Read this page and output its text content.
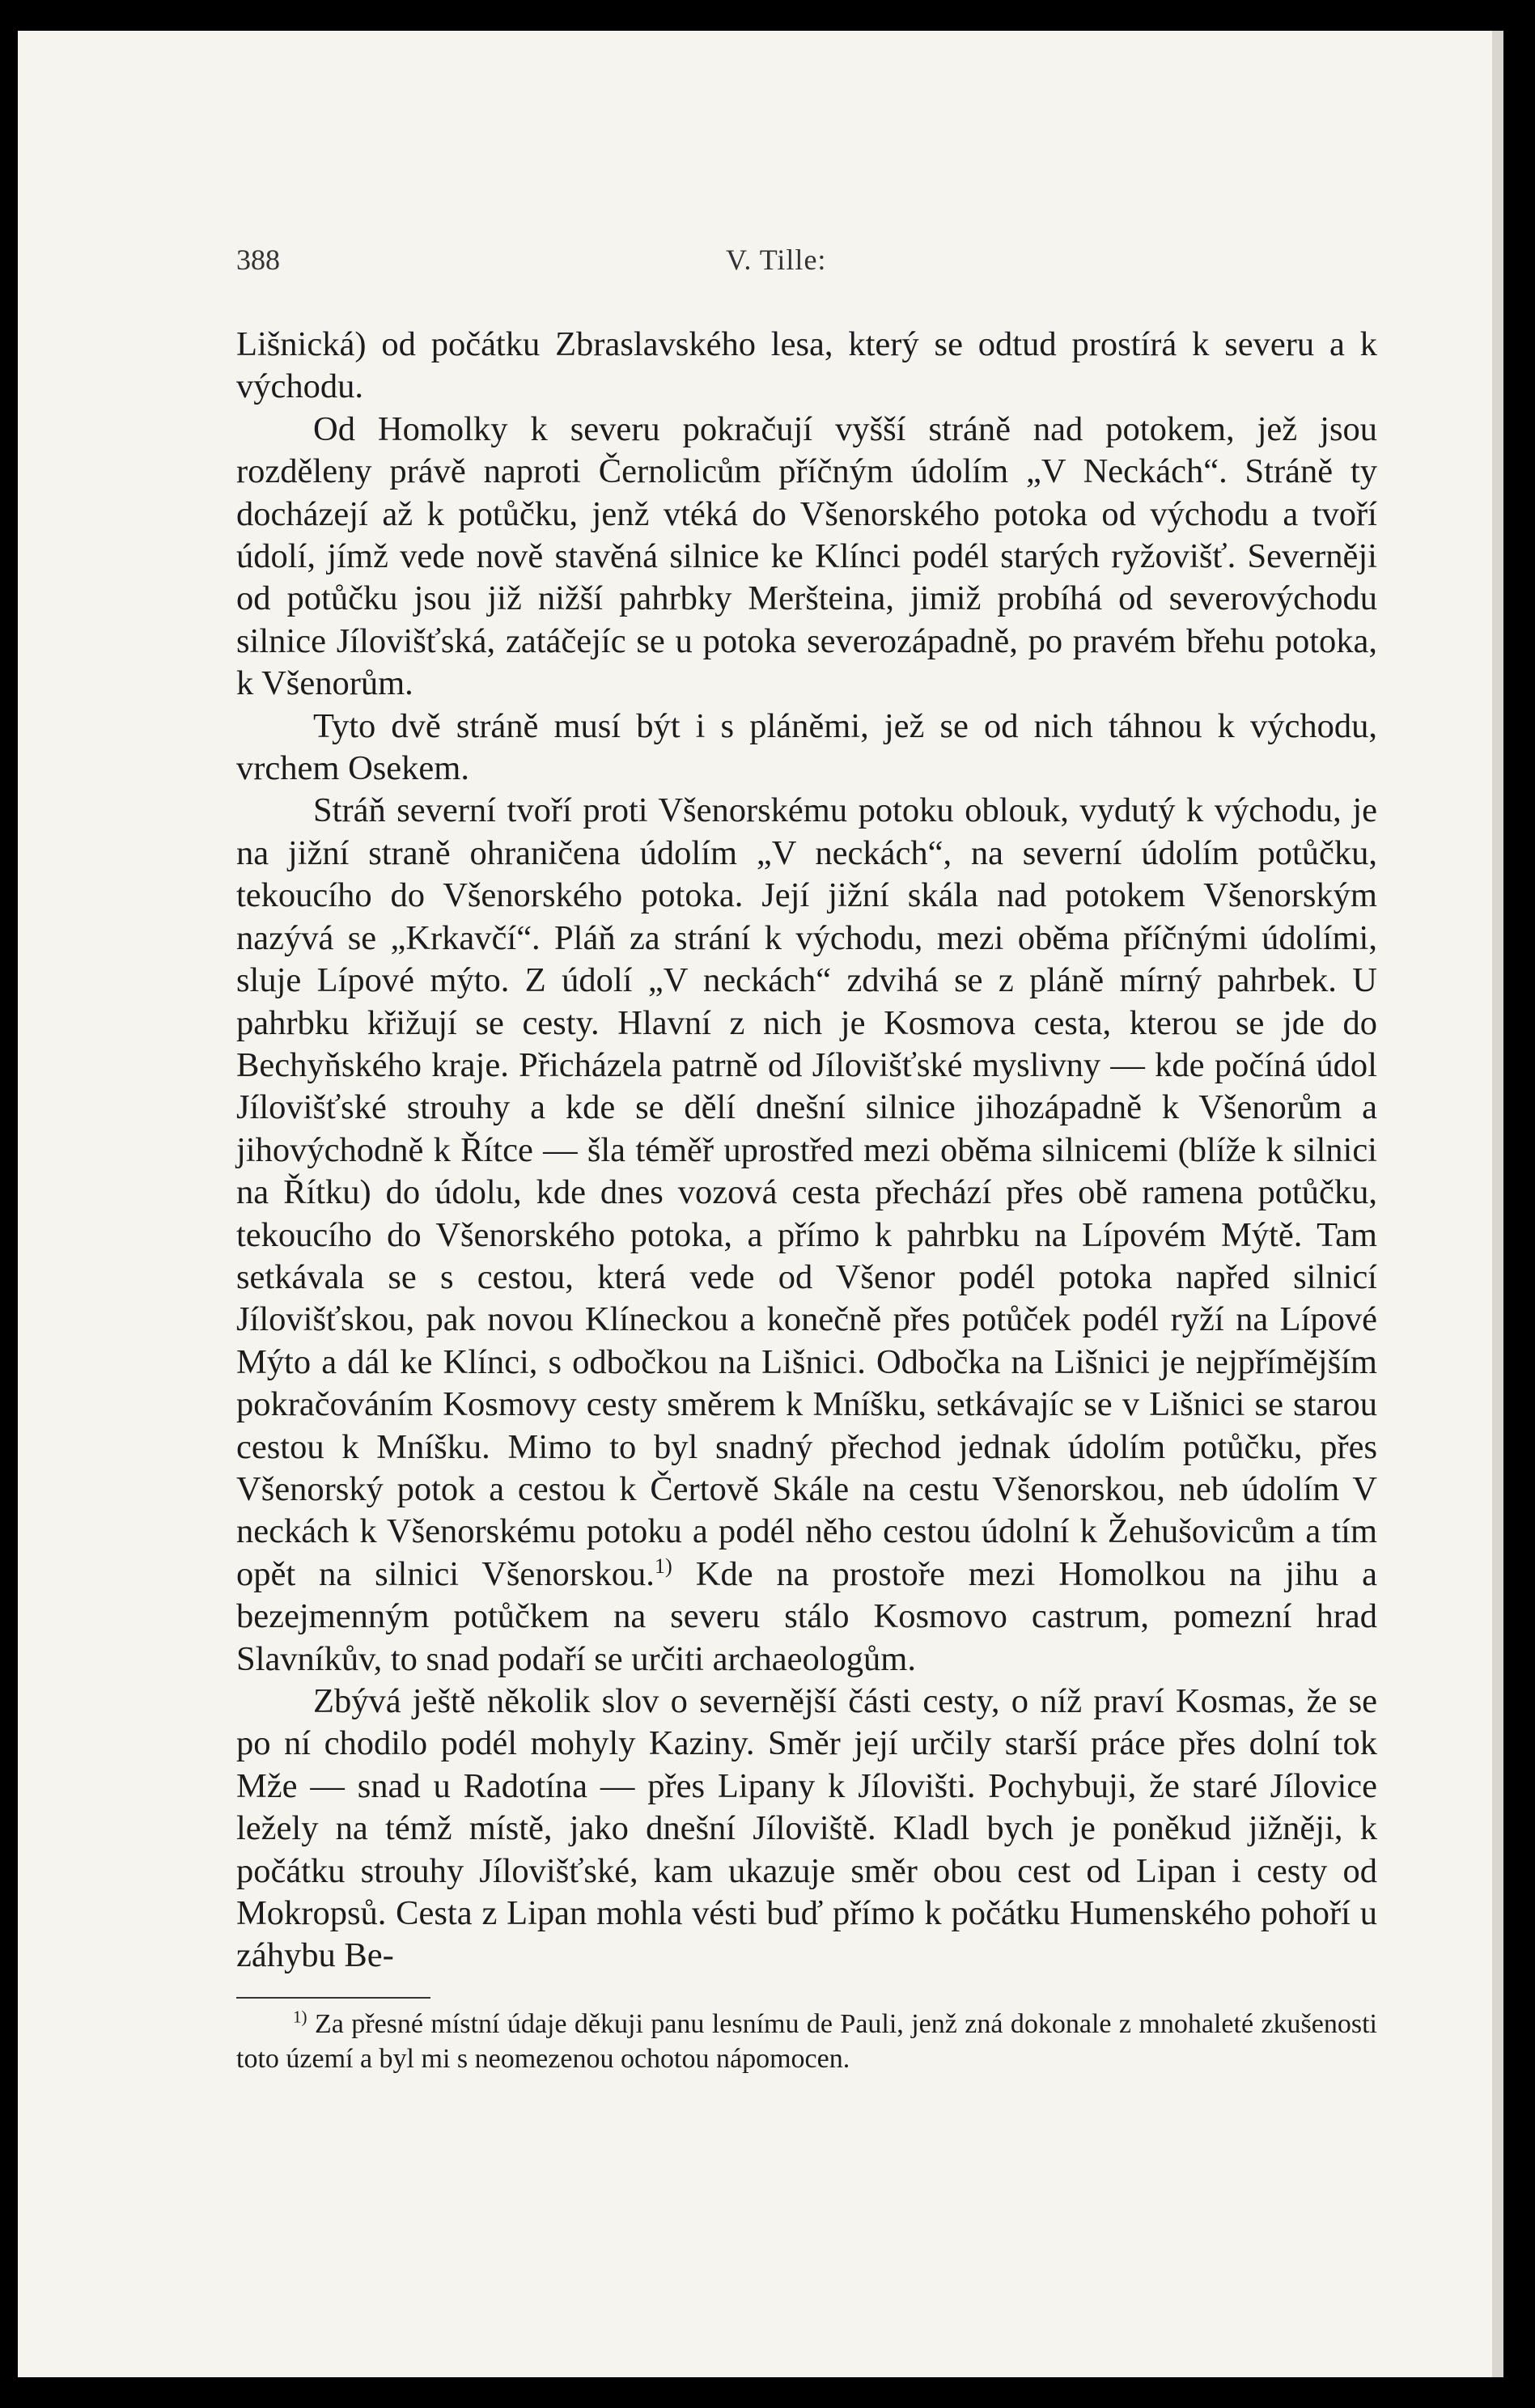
388	V. Tille:

Lišnická) od počátku Zbraslavského lesa, který se odtud prostírá k severu a k východu.

Od Homolky k severu pokračují vyšší stráně nad potokem, jež jsou rozděleny právě naproti Černolicům příčným údolím „V Neckách“. Stráně ty docházejí až k potůčku, jenž vtéká do Všenorského potoka od východu a tvoří údolí, jímž vede nově stavěná silnice ke Klínci podél starých ryžovišť. Severněji od potůčku jsou již nižší pahrbky Meršteina, jimiž probíhá od severovýchodu silnice Jílovišťská, zatáčejíc se u potoka severozápadně, po pravém břehu potoka, k Všenorům.

Tyto dvě stráně musí být i s pláněmi, jež se od nich táhnou k východu, vrchem Osekem.

Stráň severní tvoří proti Všenorskému potoku oblouk, vydutý k východu, je na jižní straně ohraničena údolím „V neckách“, na severní údolím potůčku, tekoucího do Všenorského potoka. Její jižní skála nad potokem Všenorským nazývá se „Krkavčí“. Pláň za strání k východu, mezi oběma příčnými údolími, sluje Lípové mýto. Z údolí „V neckách“ zdvihá se z pláně mírný pahrbek. U pahrbku křižují se cesty. Hlavní z nich je Kosmova cesta, kterou se jde do Bechyňského kraje. Přicházela patrně od Jílovišťské myslivny — kde počíná údol Jílovišťské strouhy a kde se dělí dnešní silnice jihozápadně k Všenorům a jihovýchodně k Řítce — šla téměř uprostřed mezi oběma silnicemi (blíže k silnici na Řítku) do údolu, kde dnes vozová cesta přechází přes obě ramena potůčku, tekoucího do Všenorského potoka, a přímo k pahrbku na Lípovém Mýtě. Tam setkávala se s cestou, která vede od Všenor podél potoka napřed silnicí Jílovišťskou, pak novou Klíneckou a konečně přes potůček podél ryží na Lípové Mýto a dál ke Klínci, s odbočkou na Lišnici. Odbočka na Lišnici je nejpřímějším pokračováním Kosmovy cesty směrem k Mníšku, setkávajíc se v Lišnici se starou cestou k Mníšku. Mimo to byl snadný přechod jednak údolím potůčku, přes Všenorský potok a cestou k Čertově Skále na cestu Všenorskou, neb údolím V neckách k Všenorskému potoku a podél něho cestou údolní k Žehušovicům a tím opět na silnici Všenorskou.$^{1)}$ Kde na prostoře mezi Homolkou na jihu a bezejmenným potůčkem na severu stálo Kosmovo castrum, pomezní hrad Slavníkův, to snad podaří se určiti archaeologům.

Zbývá ještě několik slov o severnější části cesty, o níž praví Kosmas, že se po ní chodilo podél mohyly Kaziny. Směr její určily starší práce přes dolní tok Mže — snad u Radotína — přes Lipany k Jílovišti. Pochybuji, že staré Jílovice ležely na témž místě, jako dnešní Jíloviště. Kladl bych je poněkud jižněji, k počátku strouhy Jílovišťské, kam ukazuje směr obou cest od Lipan i cesty od Mokropsů. Cesta z Lipan mohla vésti buď přímo k počátku Humenského pohoří u záhybu Be-

$^{1)}$ Za přesné místní údaje děkuji panu lesnímu de Pauli, jenž zná dokonale z mnohaleté zkušenosti toto území a byl mi s neomezenou ochotou nápomocen.
